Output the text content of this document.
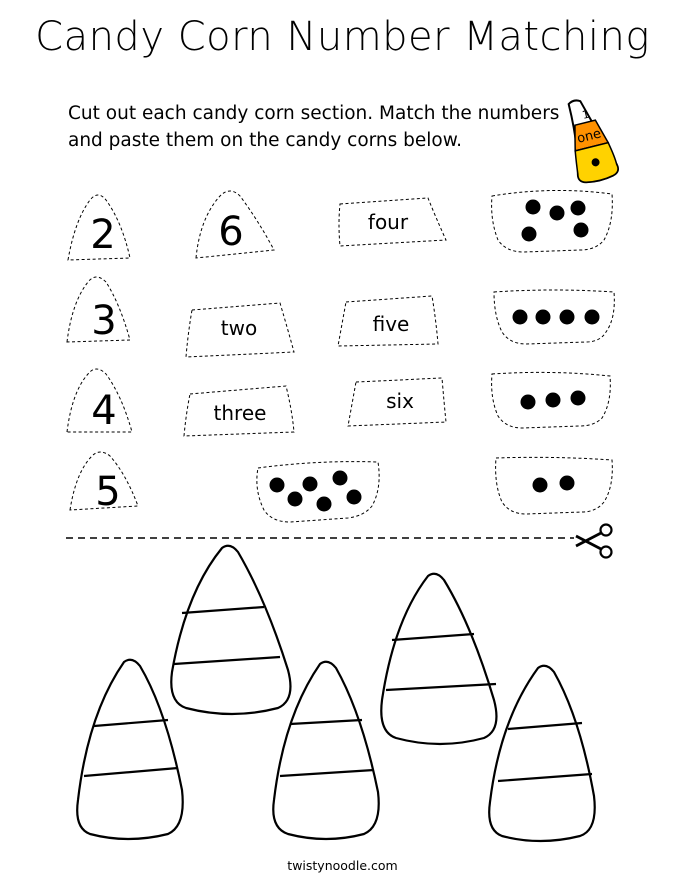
Candy Corn Number Matching
Cut out each candy corn section. Match the numbers and paste them on the candy corns below.
1
one
2	6
3
4
5
four
two	five
three	six
twistynoodle.com
